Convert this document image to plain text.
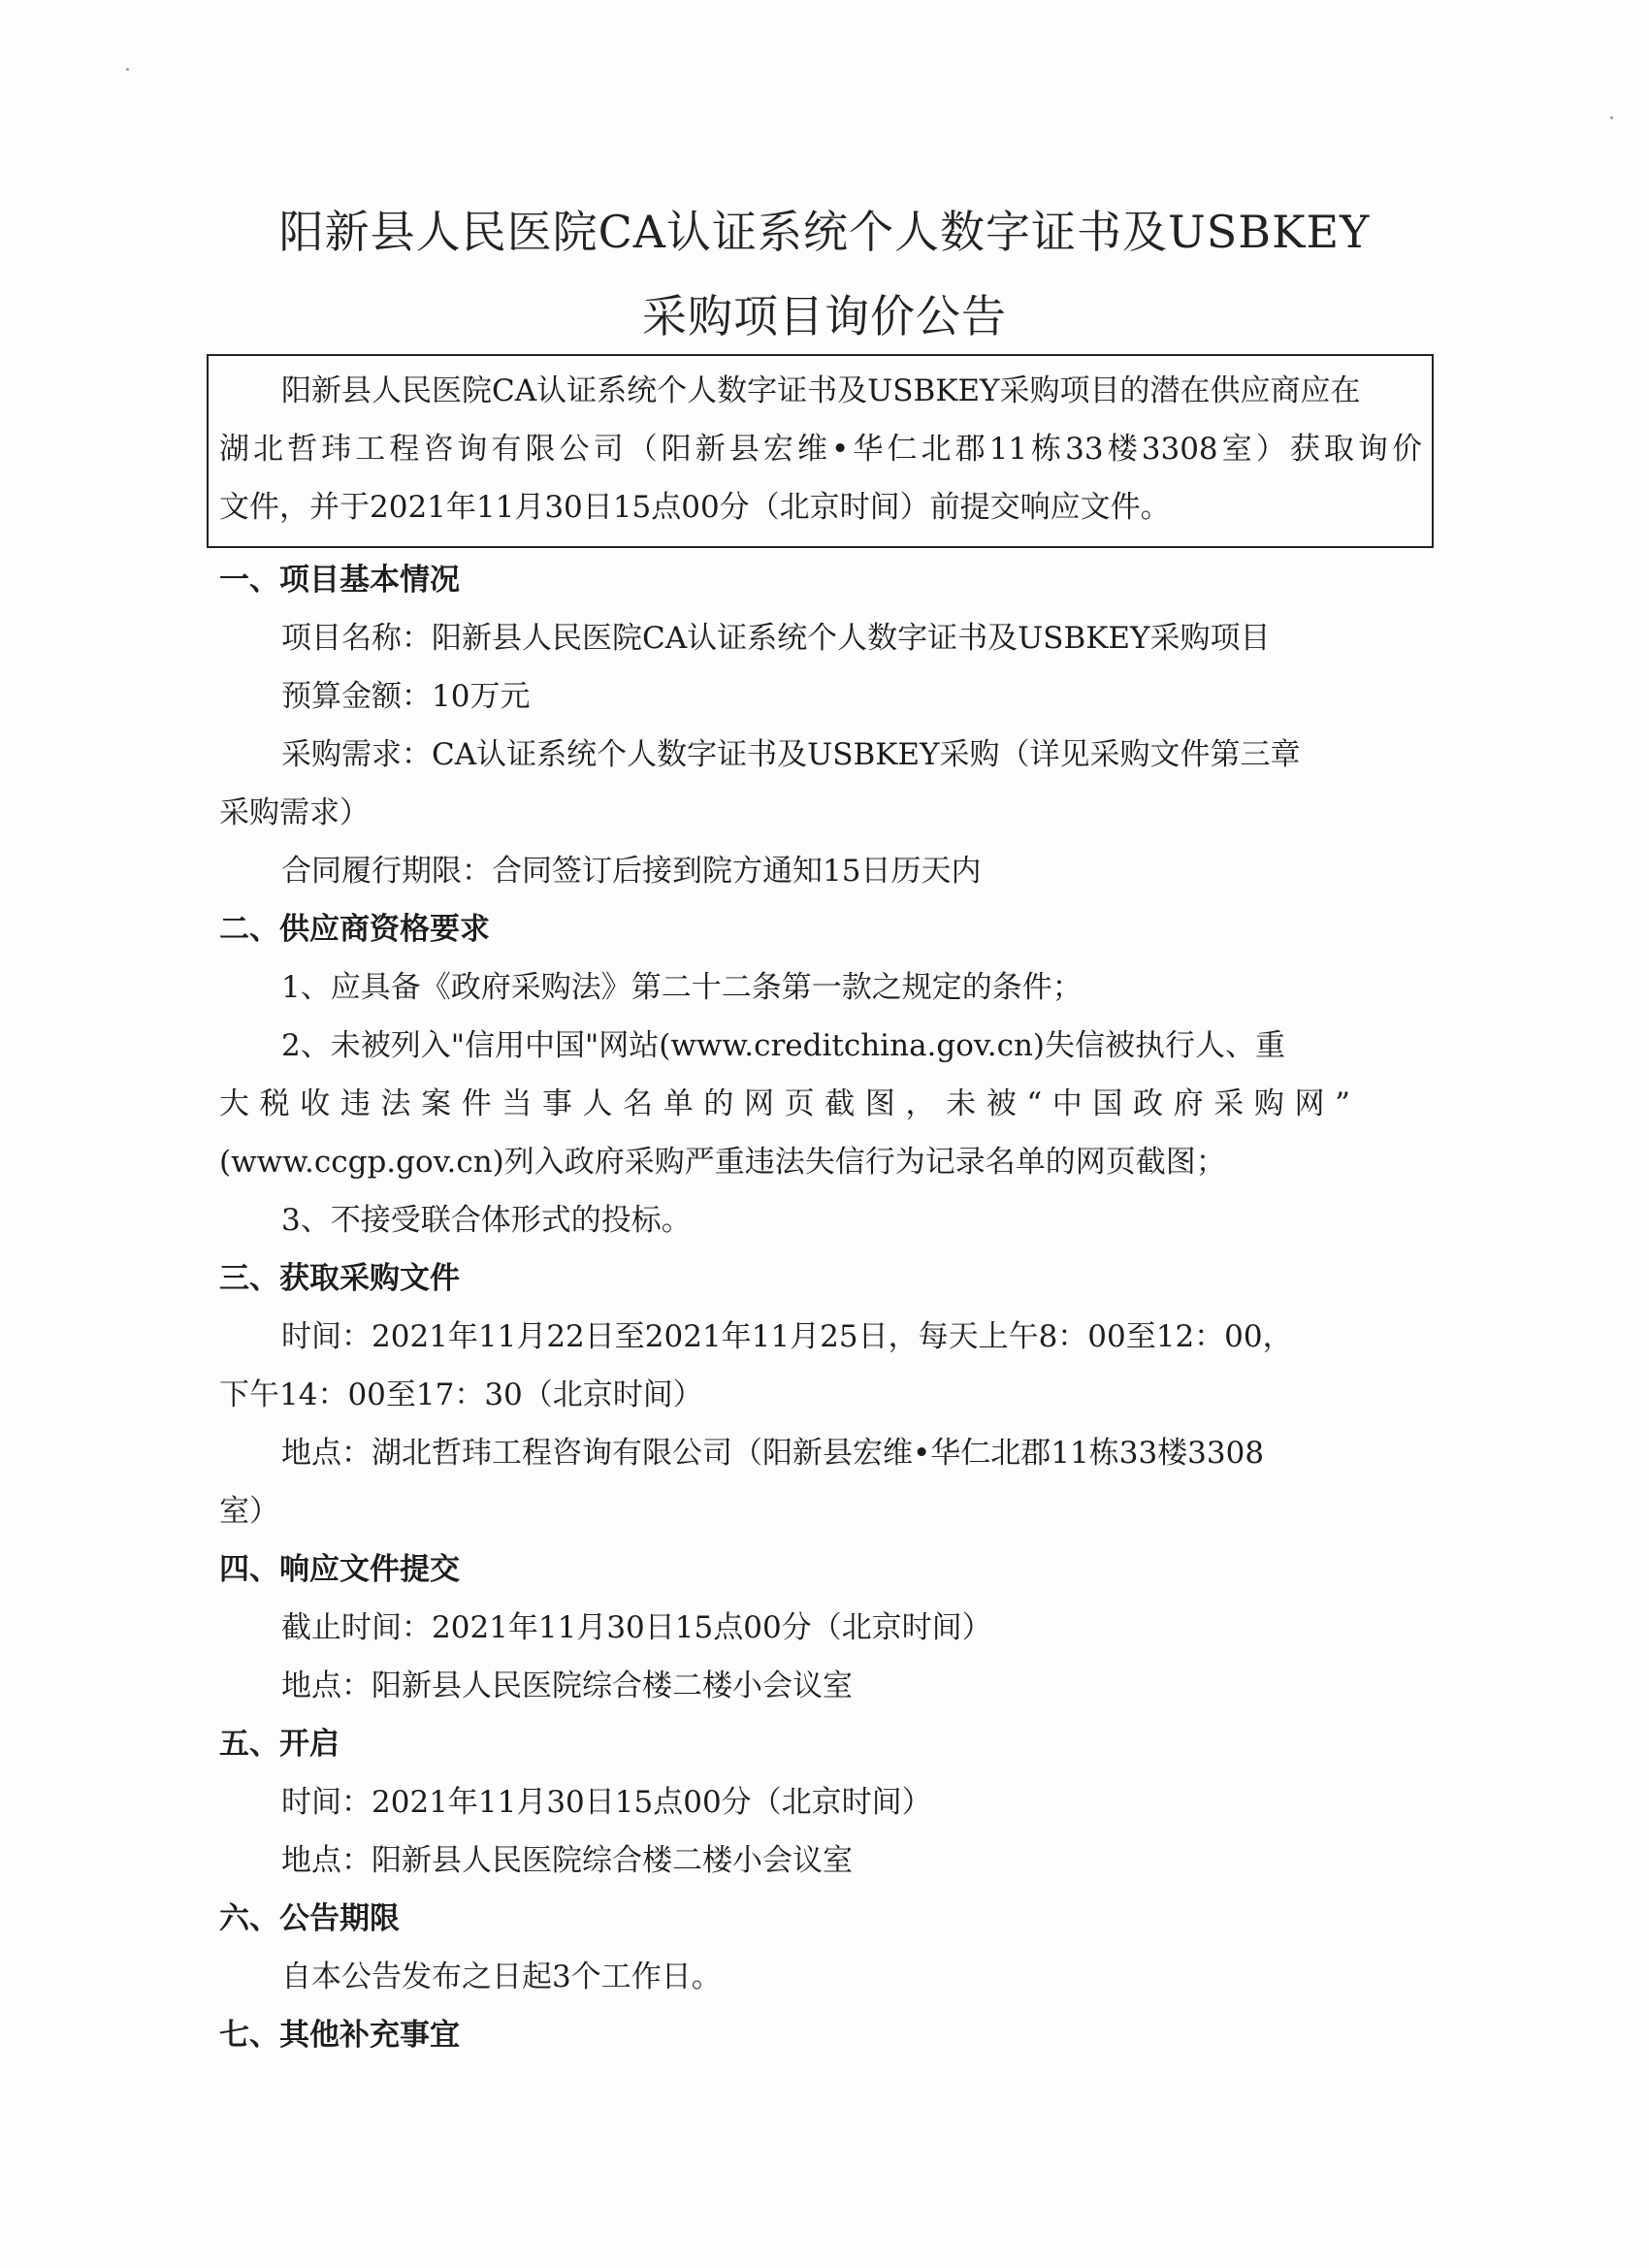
阳新县人民医院CA认证系统个人数字证书及USBKEY
采购项目询价公告
阳新县人民医院CA认证系统个人数字证书及USBKEY采购项目的潜在供应商应在
湖北哲玮工程咨询有限公司（阳新县宏维•华仁北郡11栋33楼3308室）获取询价
文件，并于2021年11月30日15点00分（北京时间）前提交响应文件。
一、项目基本情况
项目名称：阳新县人民医院CA认证系统个人数字证书及USBKEY采购项目
预算金额：10万元
采购需求：CA认证系统个人数字证书及USBKEY采购（详见采购文件第三章
采购需求）
合同履行期限：合同签订后接到院方通知15日历天内
二、供应商资格要求
1、应具备《政府采购法》第二十二条第一款之规定的条件；
2、未被列入"信用中国"网站(www.creditchina.gov.cn)失信被执行人、重
大税收违法案件当事人名单的网页截图，未被“中国政府采购网”
(www.ccgp.gov.cn)列入政府采购严重违法失信行为记录名单的网页截图；
3、不接受联合体形式的投标。
三、获取采购文件
时间：2021年11月22日至2021年11月25日，每天上午8：00至12：00，
下午14：00至17：30（北京时间）
地点：湖北哲玮工程咨询有限公司（阳新县宏维•华仁北郡11栋33楼3308
室）
四、响应文件提交
截止时间：2021年11月30日15点00分（北京时间）
地点：阳新县人民医院综合楼二楼小会议室
五、开启
时间：2021年11月30日15点00分（北京时间）
地点：阳新县人民医院综合楼二楼小会议室
六、公告期限
自本公告发布之日起3个工作日。
七、其他补充事宜
